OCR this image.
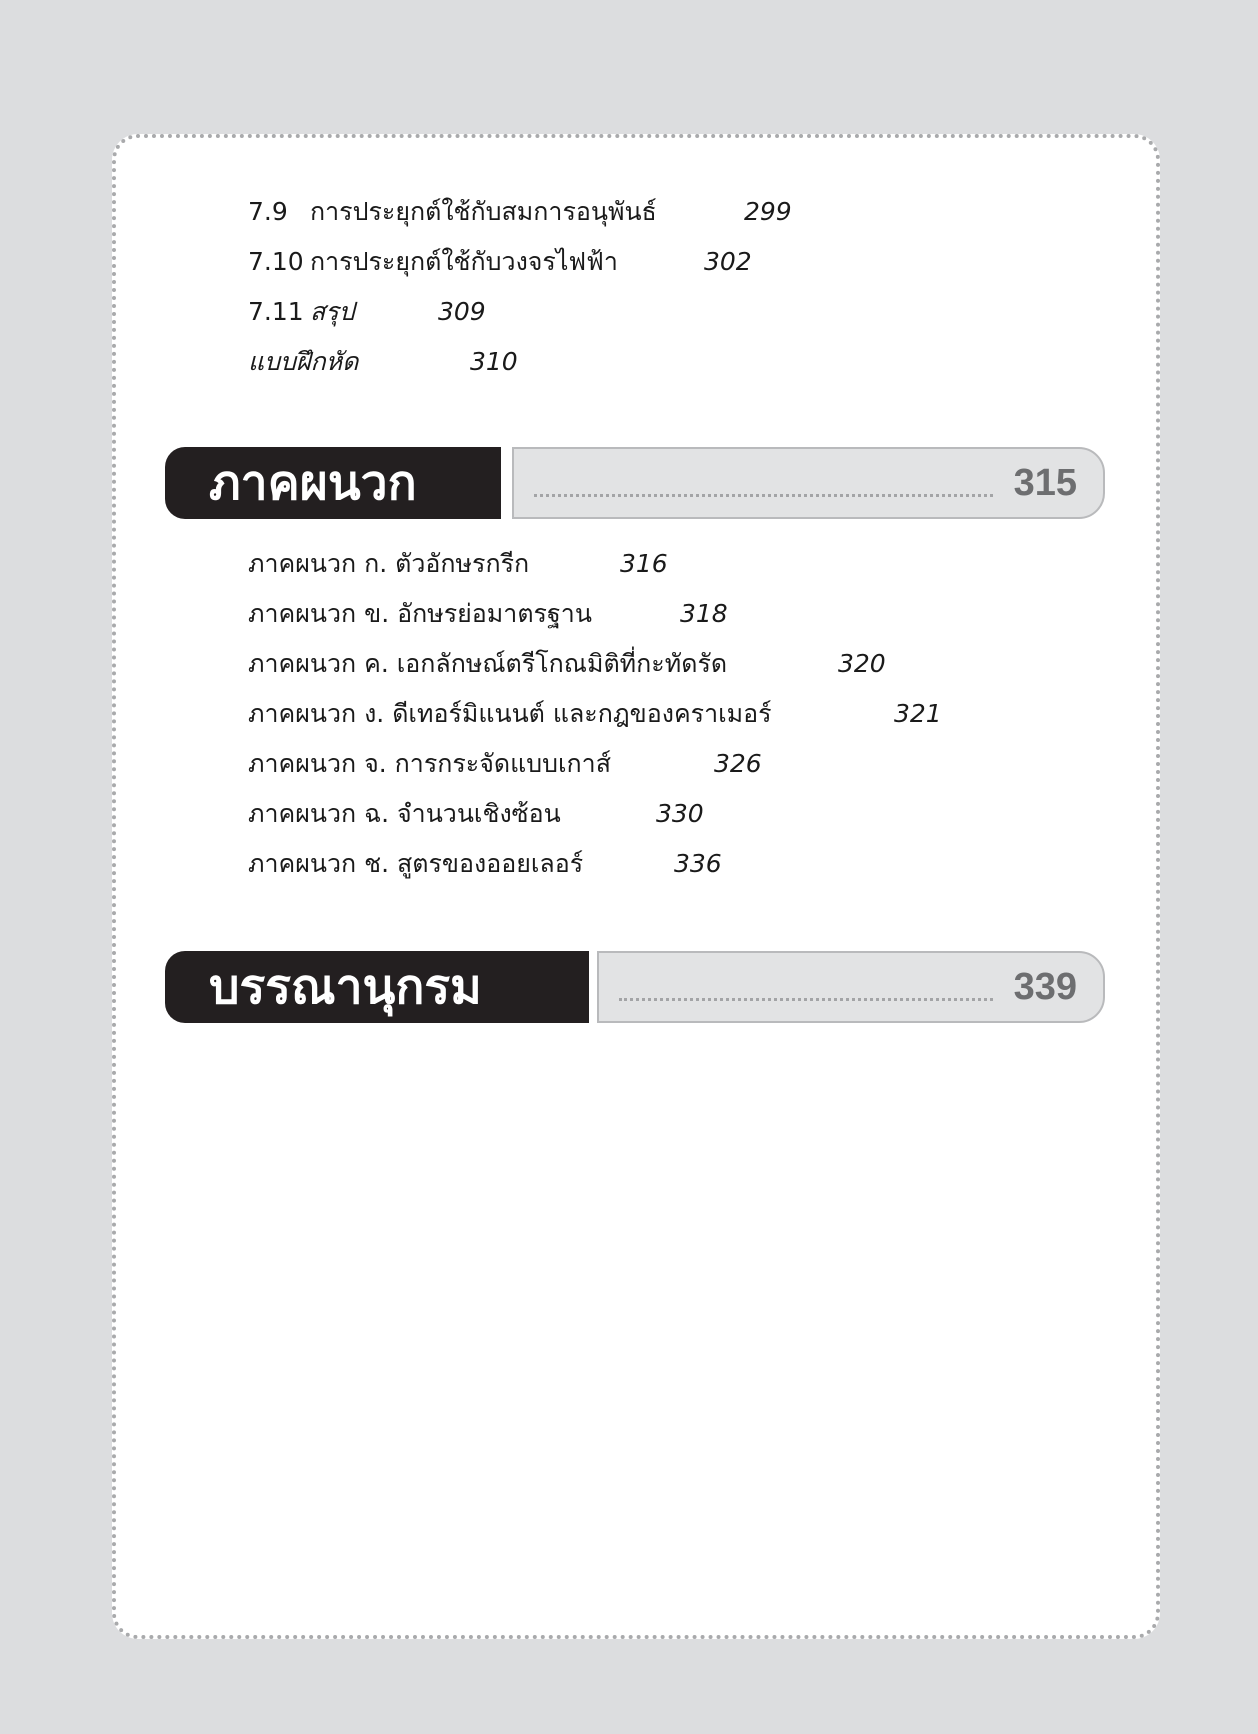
7.9 การประยุกต์ใช้กับสมการอนุพันธ์	299
7.10 การประยุกต์ใช้กับวงจรไฟฟ้า	302
7.11 สรุป	309
แบบฝึกหัด	310
ภาคผนวก	315
ภาคผนวก ก. ตัวอักษรกรีก	316
ภาคผนวก ข. อักษรย่อมาตรฐาน	318
ภาคผนวก ค. เอกลักษณ์ตรีโกณมิติที่กะทัดรัด	320
ภาคผนวก ง. ดีเทอร์มิแนนต์ และกฎของคราเมอร์	321
ภาคผนวก จ. การกระจัดแบบเกาส์	326
ภาคผนวก ฉ. จำนวนเชิงซ้อน	330
ภาคผนวก ช. สูตรของออยเลอร์	336
บรรณานุกรม	339
